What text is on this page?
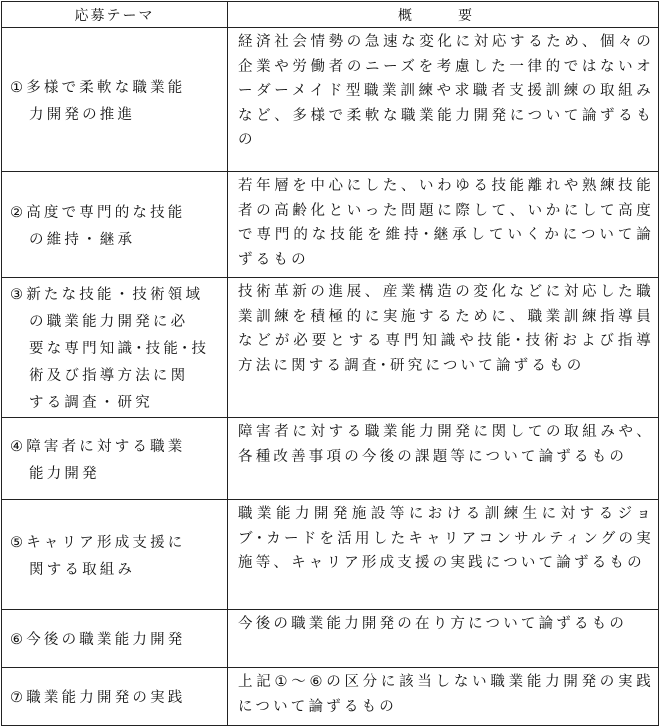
応募テーマ	概　要

①多様で柔軟な職業能
力開発の推進	経済社会情勢の急速な変化に対応するため、個々の企業や労働者のニーズを考慮した一律的ではないオーダーメイド型職業訓練や求職者支援訓練の取組みなど、多様で柔軟な職業能力開発について論ずるもの

②高度で専門的な技能
の維持・継承	若年層を中心にした、いわゆる技能離れや熟練技能者の高齢化といった問題に際して、いかにして高度で専門的な技能を維持･継承していくかについて論ずるもの

③新たな技能・技術領域
の職業能力開発に必
要な専門知識･技能･技
術及び指導方法に関
する調査・研究	技術革新の進展、産業構造の変化などに対応した職業訓練を積極的に実施するために、職業訓練指導員などが必要とする専門知識や技能･技術および指導方法に関する調査･研究について論ずるもの

④障害者に対する職業
能力開発	障害者に対する職業能力開発に関しての取組みや、各種改善事項の今後の課題等について論ずるもの

⑤キャリア形成支援に
関する取組み	職業能力開発施設等における訓練生に対するジョブ･カードを活用したキャリアコンサルティングの実施等、キャリア形成支援の実践について論ずるもの

⑥今後の職業能力開発	今後の職業能力開発の在り方について論ずるもの

⑦職業能力開発の実践	上記①～⑥の区分に該当しない職業能力開発の実践について論ずるもの
